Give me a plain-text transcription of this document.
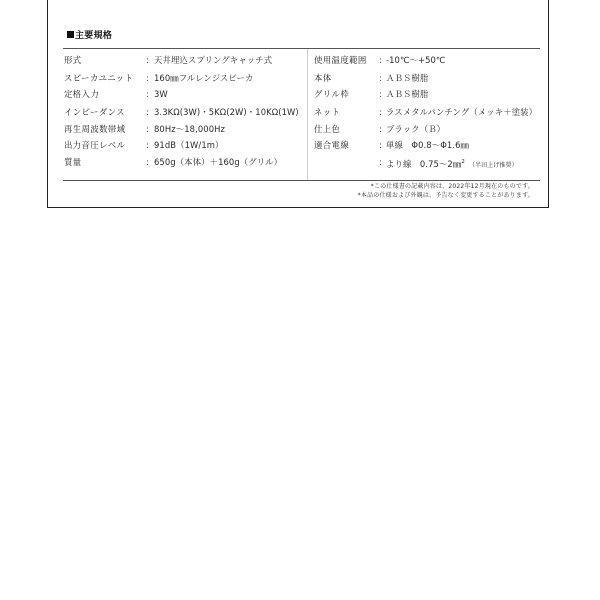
主要規格
形式	: 天井埋込スプリングキャッチ式
スピーカユニット : 160㎜フルレンジスピーカ
定格入力	: 3W
インピーダンス	: 3.3KΩ(3W)・5KΩ(2W)・10KΩ(1W)
再生周波数帯域 : 80Hz〜18,000Hz
出力音圧レベル : 91dB（1W/1m）
質量	: 650g（本体）＋160g（グリル）
使用温度範囲 : -10℃〜+50℃
本体	: ＡＢＳ樹脂
グリル枠	: ＡＢＳ樹脂
ネット	: ラスメタルパンチング（メッキ＋塗装）
仕上色	: ブラック（Ｂ）
適合電線	: 単線　Φ0.8〜Φ1.6㎜
: より線　0.75〜2㎜$^2$ （半田上げ推奨）
*この仕様書の記載内容は、2022年12月現在のものです。
*本品の仕様および外観は、予告なく変更することがあります。
